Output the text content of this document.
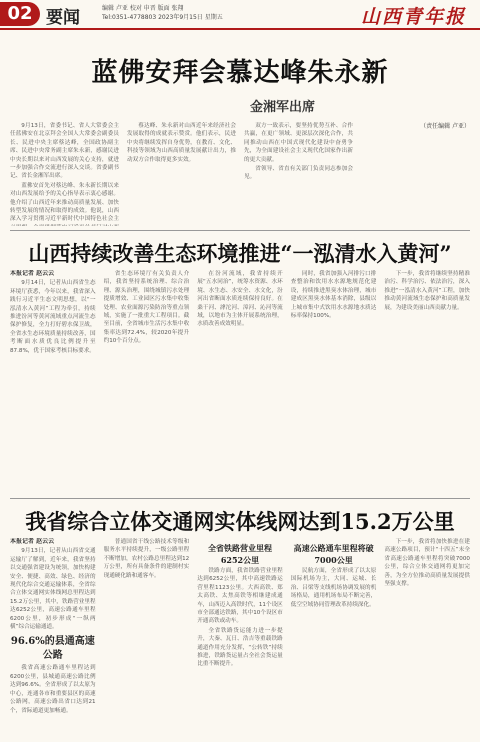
02 要闻	编辑 卢亚 校对 申晋 版面 张翔
Tel:0351-4778803 2023年9月15日 星期五	山西青年报
蓝佛安拜会慕达峰朱永新
金湘军出席

9月13日，省委书记、省人大常委会主任蓝佛安在北京拜会全国人大常委会副委员长、民进中央主席蔡达峰，全国政协副主席、民进中央常务副主席朱永新，感谢民进中央长期以来对山西发展的关心支持，就进一步加强合作交流进行深入交谈。省委副书记、省长金湘军出席。

蓝佛安首先对蔡达峰、朱永新长期以来对山西发展给予的关心指导表示衷心感谢。他介绍了山西近年来推动高质量发展、加快转型发展的情况和取得的成效。他说，山西深入学习贯彻习近平新时代中国特色社会主

蔡达峰、朱永新对山西近年来经济社会发展取得的成就表示赞赏。他们表示，民进中央将继续发挥自身优势，在教育、文化、科技等领域为山西高质量发展献计出力，推动双方合作取得更多实效。

双方一致表示，要坚持优势互补、合作共赢，在更广领域、更深层次深化合作，共同推动山西在中国式现代化建设中奋勇争先，为全面建设社会主义现代化国家作出新的更大贡献。

省领导、省直有关部门负责同志参加会见。

（责任编辑 卢亚）
山西持续改善生态环境推进“一泓清水入黄河”

本报记者 赵云云

9月14日，记者从山西省生态环境厅获悉，今年以来，我省深入践行习近平生态文明思想，以“一泓清水入黄河”工程为牵引，持续推进汾河等黄河流域重点河流生态保护修复，全力打好碧水保卫战，全省水生态环境质量持续改善，国考断面水质优良比例提升至87.8%，优于国家考核目标要求。

省生态环境厅有关负责人介绍，我省坚持系统治理、综合治理、源头治理，围绕城镇污水处理提质增效、工业园区污水集中收集处理、农业面源污染防治等重点领域，实施了一批重大工程项目。截至目前，全省城市生活污水集中收集率达到72.4%，较2020年提升约10个百分点。

在汾河流域，我省持续开展“五水同治”，统筹水资源、水环境、水生态、水安全、水文化，汾河出省断面水质连续保持良好。在桑干河、滹沱河、漳河、沁河等流域，以地市为主体开展系统治理，水质改善成效明显。

同时，我省加强入河排污口排查整治和饮用水水源地规范化建设，持续推进黑臭水体治理，城市建成区黑臭水体基本消除，县级以上城市集中式饮用水水源地水质达标率保持100%。

下一步，我省将继续坚持精准治污、科学治污、依法治污，深入推进“一泓清水入黄河”工程，加快推动黄河流域生态保护和高质量发展，为建设美丽山西贡献力量。

我省综合立体交通网实体线网达到15.2万公里

本报记者 赵云云

9月13日，记者从山西省交通运输厅了解到，近年来，我省坚持以交通强省建设为统领，加快构建安全、便捷、高效、绿色、经济的现代化综合交通运输体系，全省综合立体交通网实体线网总里程达到15.2万公里，其中，铁路营业里程达6252公里，高速公路通车里程6200公里，初步形成“一纵两横”综合运输通道。

96.6%的县通高速公路

我省高速公路通车里程达到6200公里，县城通高速公路比例达到96.6%。全省形成了以太原为中心，连通各市和重要县区的高速公路网，高速公路出省口达到21个，省际通道更加畅通。

普通国省干线公路技术等级和服务水平持续提升，一级公路里程不断增加，农村公路总里程达到12万公里，所有具备条件的建制村实现通硬化路和通客车。

全省铁路营业里程6252公里

铁路方面，我省铁路营业里程达到6252公里，其中高速铁路运营里程1123公里。大西高铁、郑太高铁、太焦高铁等相继建成通车，山西迈入高铁时代，11个设区市全部通达铁路，其中10个设区市开通高铁或动车。

全省铁路货运能力进一步提升，大秦、瓦日、浩吉等重载铁路通道作用充分发挥，“公转铁”持续推进，铁路货运量占全社会货运量比重不断提升。

高速公路通车里程将破7000公里

民航方面，全省形成了以太原国际机场为主，大同、运城、长治、吕梁等支线机场协调发展的机场格局，通用机场布局不断完善，低空空域协同管理改革持续深化。

下一步，我省将加快推进在建高速公路项目，预计“十四五”末全省高速公路通车里程将突破7000公里，综合立体交通网将更加完善，为全方位推动高质量发展提供坚强支撑。
